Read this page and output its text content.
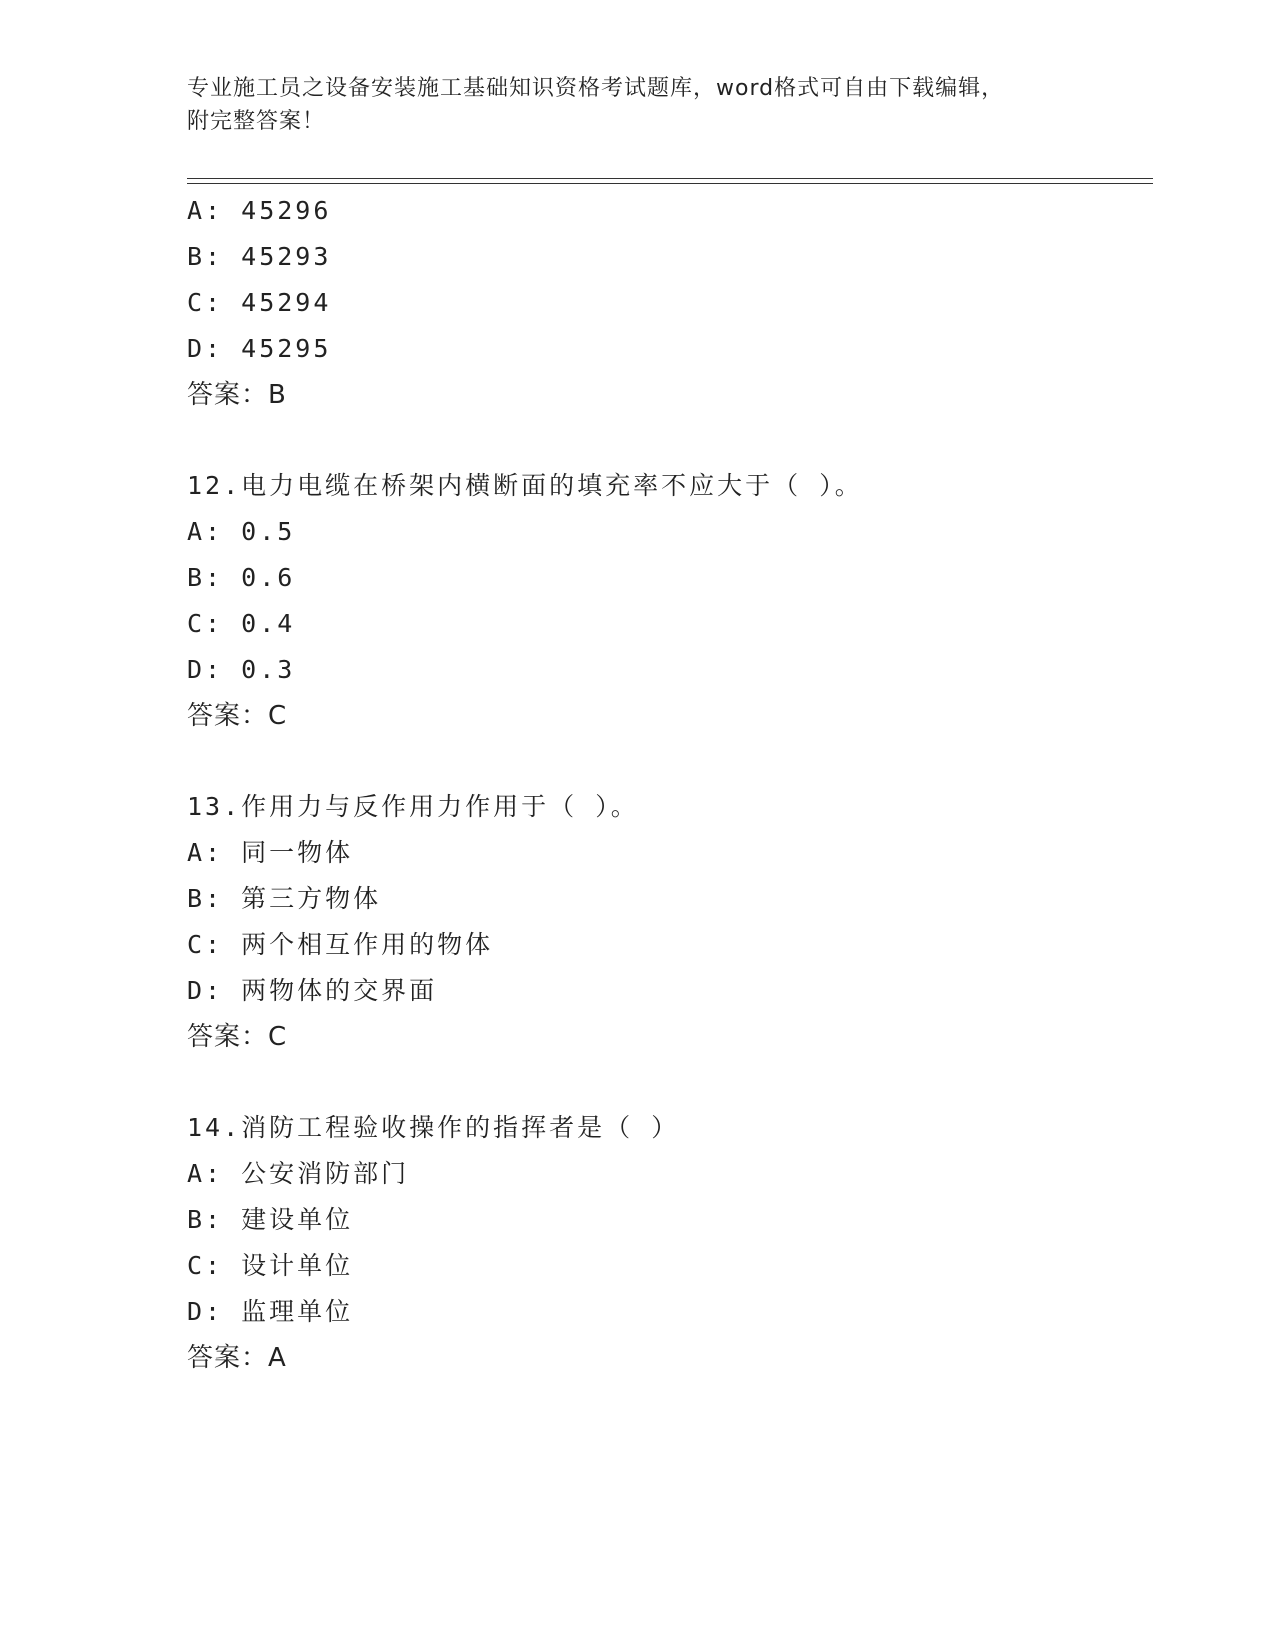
专业施工员之设备安装施工基础知识资格考试题库，word格式可自由下载编辑，
附完整答案！
A: 45296
B: 45293
C: 45294
D: 45295
答案：B
12.电力电缆在桥架内横断面的填充率不应大于（ ）。
A: 0.5
B: 0.6
C: 0.4
D: 0.3
答案：C
13.作用力与反作用力作用于（ ）。
A: 同一物体
B: 第三方物体
C: 两个相互作用的物体
D: 两物体的交界面
答案：C
14.消防工程验收操作的指挥者是（ ）
A: 公安消防部门
B: 建设单位
C: 设计单位
D: 监理单位
答案：A
